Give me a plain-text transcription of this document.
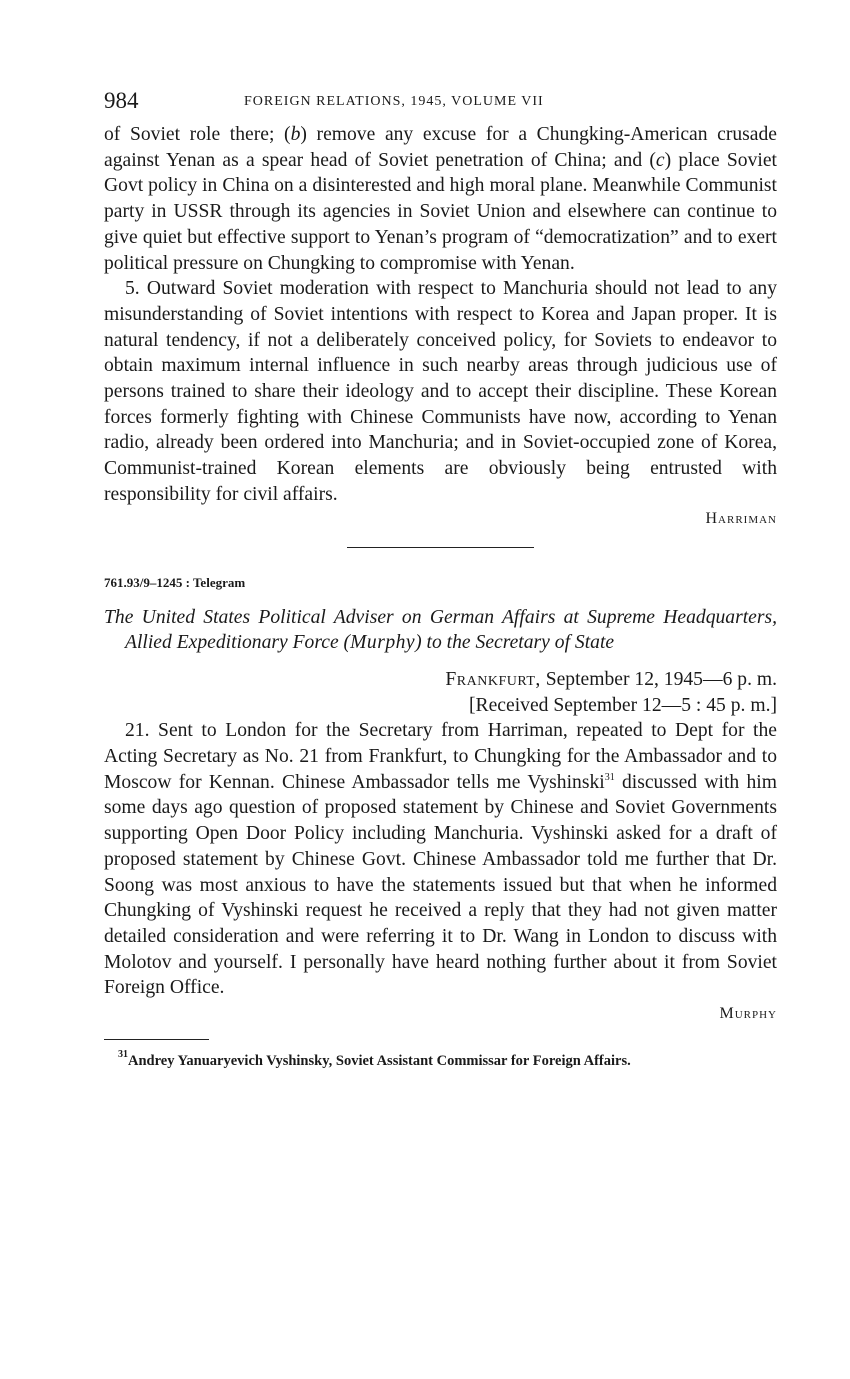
984	FOREIGN RELATIONS, 1945, VOLUME VII

of Soviet role there; (b) remove any excuse for a Chungking-American crusade against Yenan as a spear head of Soviet penetration of China; and (c) place Soviet Govt policy in China on a disinterested and high moral plane. Meanwhile Communist party in USSR through its agencies in Soviet Union and elsewhere can continue to give quiet but effective support to Yenan’s program of “democratization” and to exert political pressure on Chungking to compromise with Yenan.

5. Outward Soviet moderation with respect to Manchuria should not lead to any misunderstanding of Soviet intentions with respect to Korea and Japan proper. It is natural tendency, if not a deliberately conceived policy, for Soviets to endeavor to obtain maximum internal influence in such nearby areas through judicious use of persons trained to share their ideology and to accept their discipline. These Korean forces formerly fighting with Chinese Communists have now, according to Yenan radio, already been ordered into Manchuria; and in Soviet-occupied zone of Korea, Communist-trained Korean elements are obviously being entrusted with responsibility for civil affairs.

Harriman

761.93/9–1245 : Telegram

The United States Political Adviser on German Affairs at Supreme Headquarters, Allied Expeditionary Force (Murphy) to the Secretary of State

Frankfurt, September 12, 1945—6 p. m.
[Received September 12—5 : 45 p. m.]

21. Sent to London for the Secretary from Harriman, repeated to Dept for the Acting Secretary as No. 21 from Frankfurt, to Chungking for the Ambassador and to Moscow for Kennan. Chinese Ambassador tells me Vyshinski$^{31}$ discussed with him some days ago question of proposed statement by Chinese and Soviet Governments supporting Open Door Policy including Manchuria. Vyshinski asked for a draft of proposed statement by Chinese Govt. Chinese Ambassador told me further that Dr. Soong was most anxious to have the statements issued but that when he informed Chungking of Vyshinski request he received a reply that they had not given matter detailed consideration and were referring it to Dr. Wang in London to discuss with Molotov and yourself. I personally have heard nothing further about it from Soviet Foreign Office.

Murphy

$^{31}$Andrey Yanuaryevich Vyshinsky, Soviet Assistant Commissar for Foreign Affairs.
